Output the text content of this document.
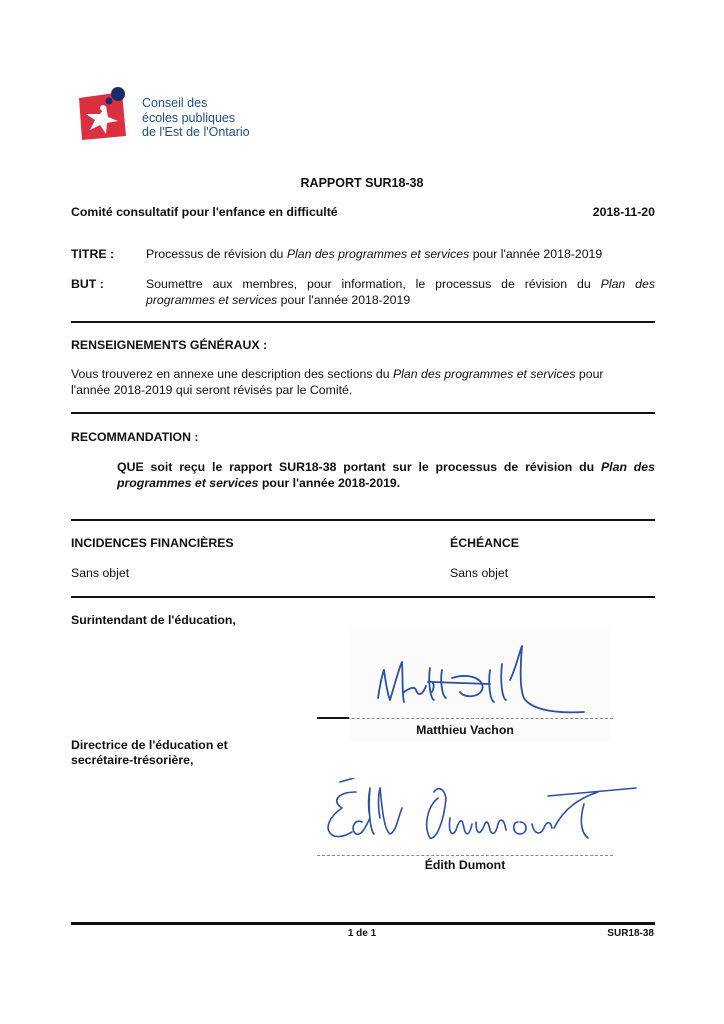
Conseil des
écoles publiques
de l'Est de l'Ontario
RAPPORT SUR18-38
Comité consultatif pour l'enfance en difficulté	2018-11-20
TITRE :	Processus de révision du Plan des programmes et services pour l'année 2018-2019
BUT :	Soumettre aux membres, pour information, le processus de révision du Plan des programmes et services pour l'année 2018-2019
RENSEIGNEMENTS GÉNÉRAUX :
Vous trouverez en annexe une description des sections du Plan des programmes et services pour l'année 2018-2019 qui seront révisés par le Comité.
RECOMMANDATION :
QUE soit reçu le rapport SUR18-38 portant sur le processus de révision du Plan des programmes et services pour l'année 2018-2019.
INCIDENCES FINANCIÈRES
Sans objet
ÉCHÉANCE
Sans objet
Surintendant de l'éducation,
Matthieu Vachon
Directrice de l'éducation et
secrétaire-trésorière,
Édith Dumont
1 de 1	SUR18-38
